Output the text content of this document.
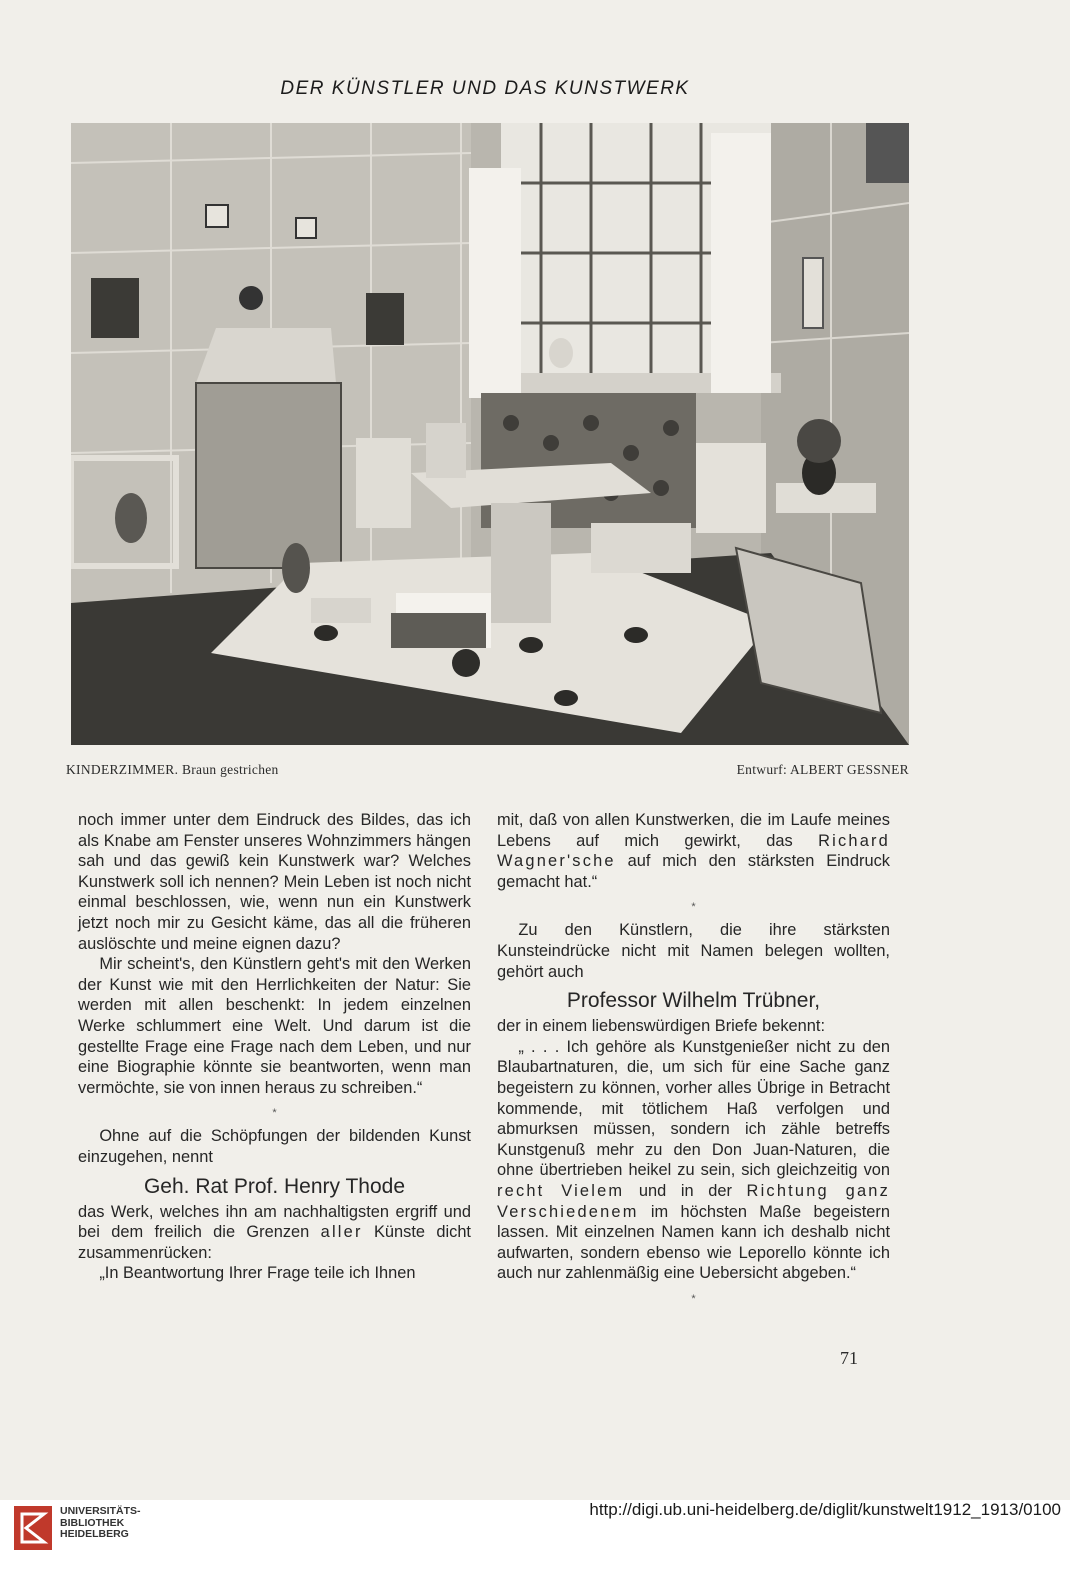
DER KÜNSTLER UND DAS KUNSTWERK
KINDERZIMMER. Braun gestrichen	Entwurf: ALBERT GESSNER

noch immer unter dem Eindruck des Bildes, das ich als Knabe am Fenster unseres Wohnzimmers hängen sah und das gewiß kein Kunstwerk war? Welches Kunstwerk soll ich nennen? Mein Leben ist noch nicht einmal beschlossen, wie, wenn nun ein Kunstwerk jetzt noch mir zu Gesicht käme, das all die früheren auslöschte und meine eignen dazu?

Mir scheint's, den Künstlern geht's mit den Werken der Kunst wie mit den Herrlichkeiten der Natur: Sie werden mit allen beschenkt: In jedem einzelnen Werke schlummert eine Welt. Und darum ist die gestellte Frage eine Frage nach dem Leben, und nur eine Biographie könnte sie beantworten, wenn man vermöchte, sie von innen heraus zu schreiben.“

*

Ohne auf die Schöpfungen der bildenden Kunst einzugehen, nennt

Geh. Rat Prof. Henry Thode

das Werk, welches ihn am nachhaltigsten ergriff und bei dem freilich die Grenzen aller Künste dicht zusammenrücken:

„In Beantwortung Ihrer Frage teile ich Ihnen

mit, daß von allen Kunstwerken, die im Laufe meines Lebens auf mich gewirkt, das Richard Wagner'sche auf mich den stärksten Eindruck gemacht hat.“

*

Zu den Künstlern, die ihre stärksten Kunsteindrücke nicht mit Namen belegen wollten, gehört auch

Professor Wilhelm Trübner,

der in einem liebenswürdigen Briefe bekennt:

„ . . . Ich gehöre als Kunstgenießer nicht zu den Blaubartnaturen, die, um sich für eine Sache ganz begeistern zu können, vorher alles Übrige in Betracht kommende, mit tötlichem Haß verfolgen und abmurksen müssen, sondern ich zähle betreffs Kunstgenuß mehr zu den Don Juan-Naturen, die ohne übertrieben heikel zu sein, sich gleichzeitig von recht Vielem und in der Richtung ganz Verschiedenem im höchsten Maße begeistern lassen. Mit einzelnen Namen kann ich deshalb nicht aufwarten, sondern ebenso wie Leporello könnte ich auch nur zahlenmäßig eine Uebersicht abgeben.“

*
71
UNIVERSITÄTS-
BIBLIOTHEK
HEIDELBERG
http://digi.ub.uni-heidelberg.de/diglit/kunstwelt1912_1913/0100
